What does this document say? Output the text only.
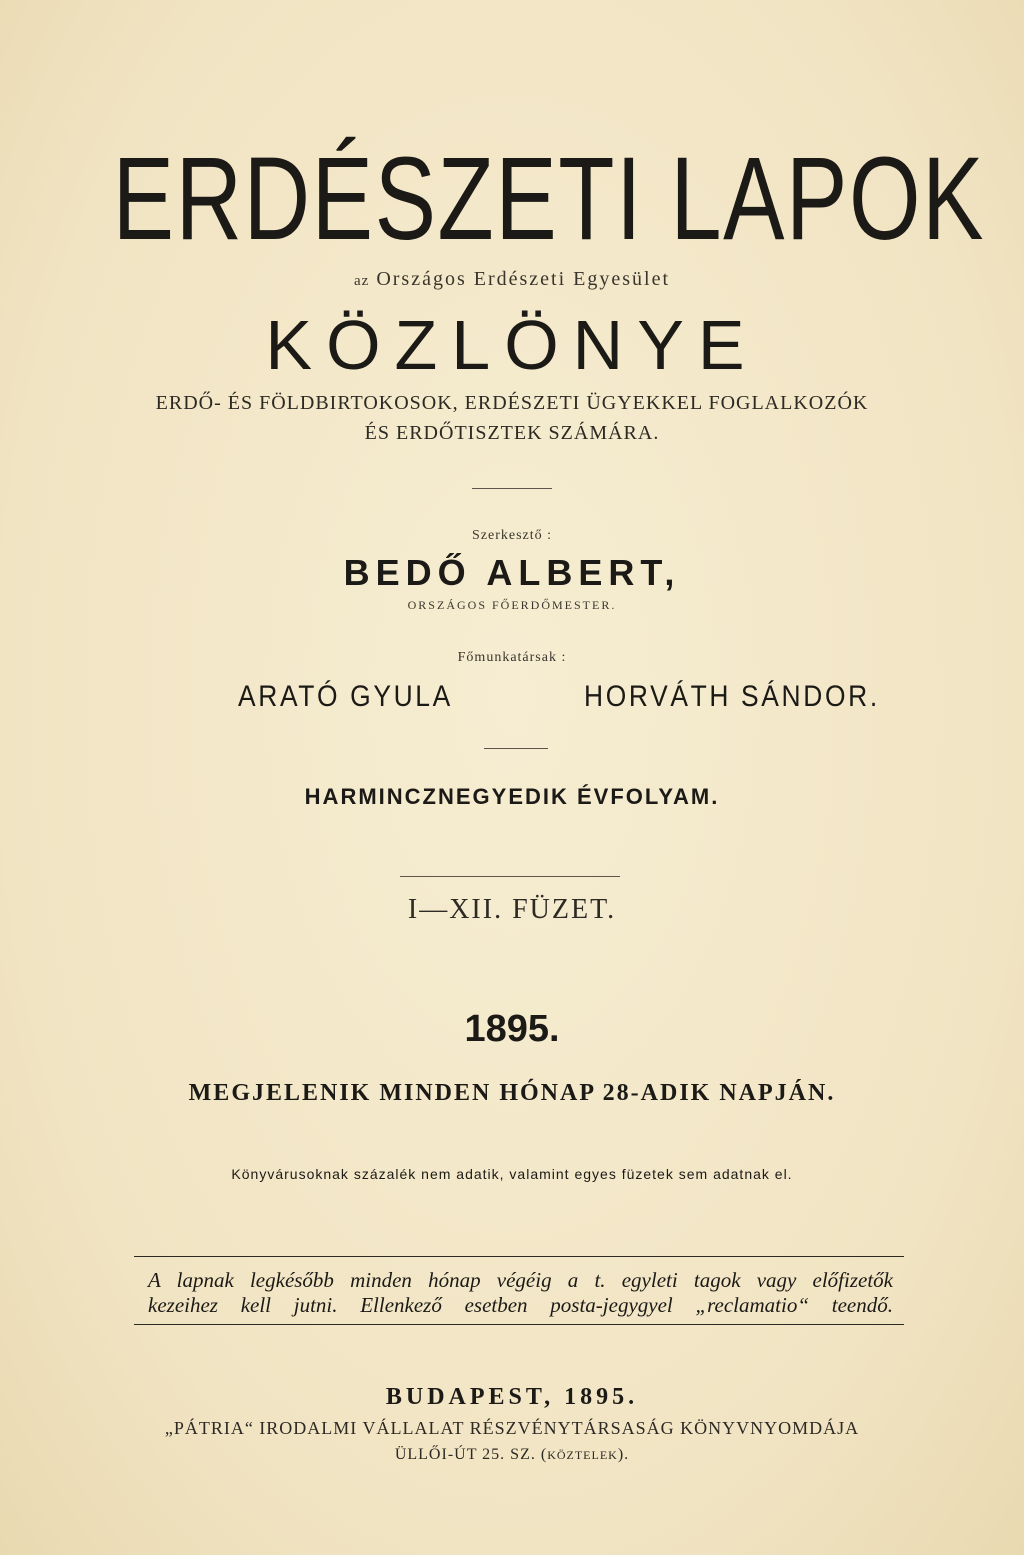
ERDÉSZETI LAPOK
az Országos Erdészeti Egyesület
KÖZLÖNYE
ERDŐ- ÉS FÖLDBIRTOKOSOK, ERDÉSZETI ÜGYEKKEL FOGLALKOZÓK
ÉS ERDŐTISZTEK SZÁMÁRA.
Szerkesztő :
BEDŐ ALBERT,
ORSZÁGOS FŐERDŐMESTER.
Főmunkatársak :
ARATÓ GYULA	HORVÁTH SÁNDOR.
HARMINCZNEGYEDIK ÉVFOLYAM.
I—XII. FÜZET.
1895.
MEGJELENIK MINDEN HÓNAP 28-ADIK NAPJÁN.
Könyvárusoknak százalék nem adatik, valamint egyes füzetek sem adatnak el.
A lapnak legkésőbb minden hónap végéig a t. egyleti tagok vagy előfizetők
kezeihez kell jutni. Ellenkező esetben posta-jegygyel „reclamatio“ teendő.
BUDAPEST, 1895.
„PÁTRIA“ IRODALMI VÁLLALAT RÉSZVÉNYTÁRSASÁG KÖNYVNYOMDÁJA
ÜLLŐI-ÚT 25. SZ. (KÖZTELEK).
